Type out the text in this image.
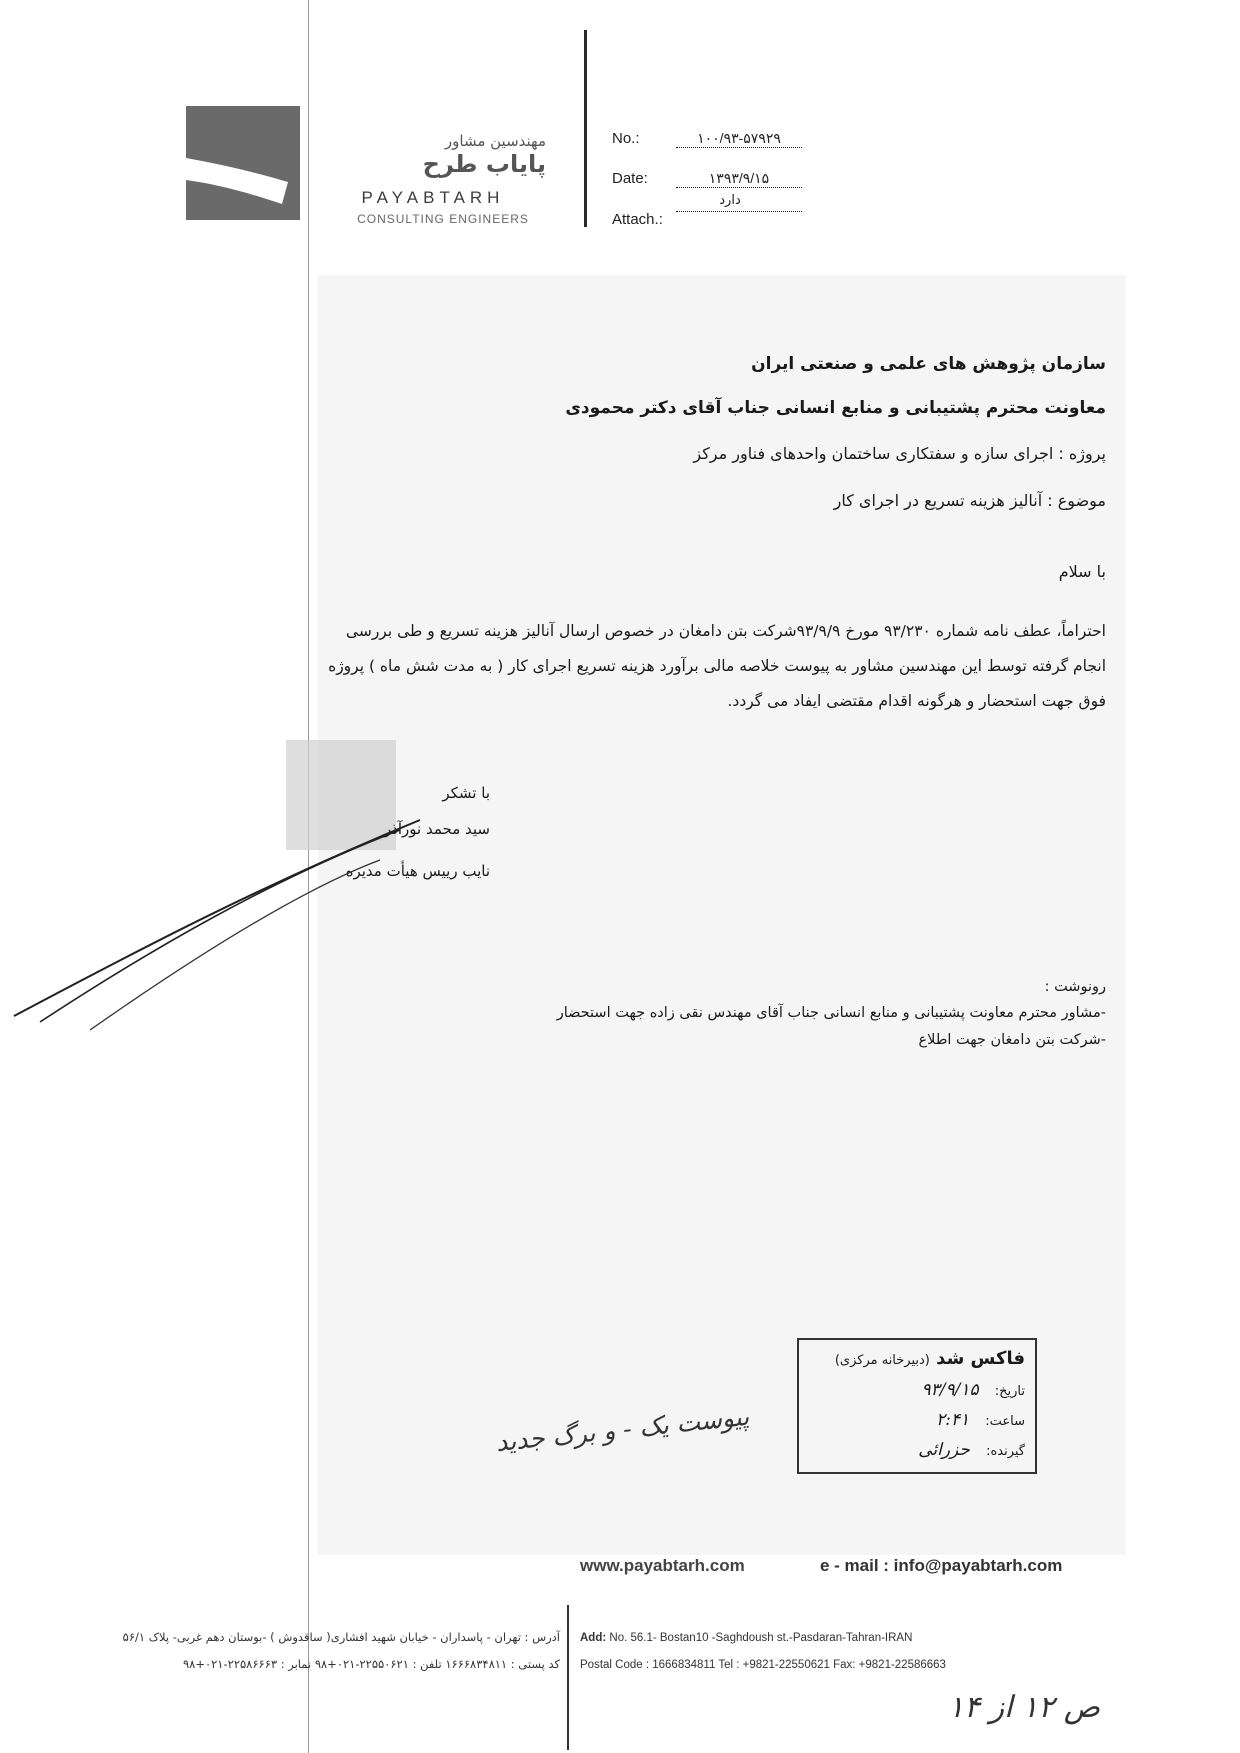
مهندسین مشاور
پایاب طرح
PAYABTARH
CONSULTING ENGINEERS
No.:	۱۰۰/۹۳-۵۷۹۲۹
Date:	۱۳۹۳/۹/۱۵
Attach.:
دارد
سازمان پژوهش های علمی و صنعتی ایران
معاونت محترم پشتیبانی و منابع انسانی جناب آقای دکتر محمودی
پروژه : اجرای سازه و سفتکاری ساختمان واحدهای فناور مرکز
موضوع : آنالیز هزینه تسریع در اجرای کار
با سلام
احتراماً، عطف نامه شماره ۹۳/۲۳۰ مورخ ۹۳/۹/۹شرکت بتن دامغان در خصوص ارسال آنالیز هزینه تسریع و طی بررسی
انجام گرفته توسط این مهندسین مشاور به پیوست خلاصه مالی برآورد هزینه تسریع اجرای کار ( به مدت شش ماه ) پروژه
فوق جهت استحضار و هرگونه اقدام مقتضی ایفاد می گردد.
با تشکر
سید محمد نورآذر
نایب رییس هیأت مدیره
رونوشت :
-مشاور محترم معاونت پشتیبانی و منابع انسانی جناب آقای مهندس نقی زاده جهت استحضار
-شرکت بتن دامغان جهت اطلاع
فاکس شد (دبیرخانه مرکزی)
تاریخ: ۹۳/۹/۱۵
ساعت: ۲:۴۱
گیرنده: حزرائی
پیوست یک - و برگ جدید
www.payabtarh.com	e - mail : info@payabtarh.com
آدرس : تهران - پاسداران - خیابان شهید افشاری( ساقدوش ) -بوستان دهم غربی- پلاک ۵۶/۱
کد پستی : ۱۶۶۶۸۳۴۸۱۱ تلفن : ۲۲۵۵۰۶۲۱-۰۲۱+۹۸ نمابر : ۲۲۵۸۶۶۶۳-۰۲۱+۹۸
Add: No. 56.1- Bostan10 -Saghdoush st.-Pasdaran-Tahran-IRAN
Postal Code : 1666834811 Tel : +9821-22550621 Fax: +9821-22586663
ص ۱۲ از ۱۴
